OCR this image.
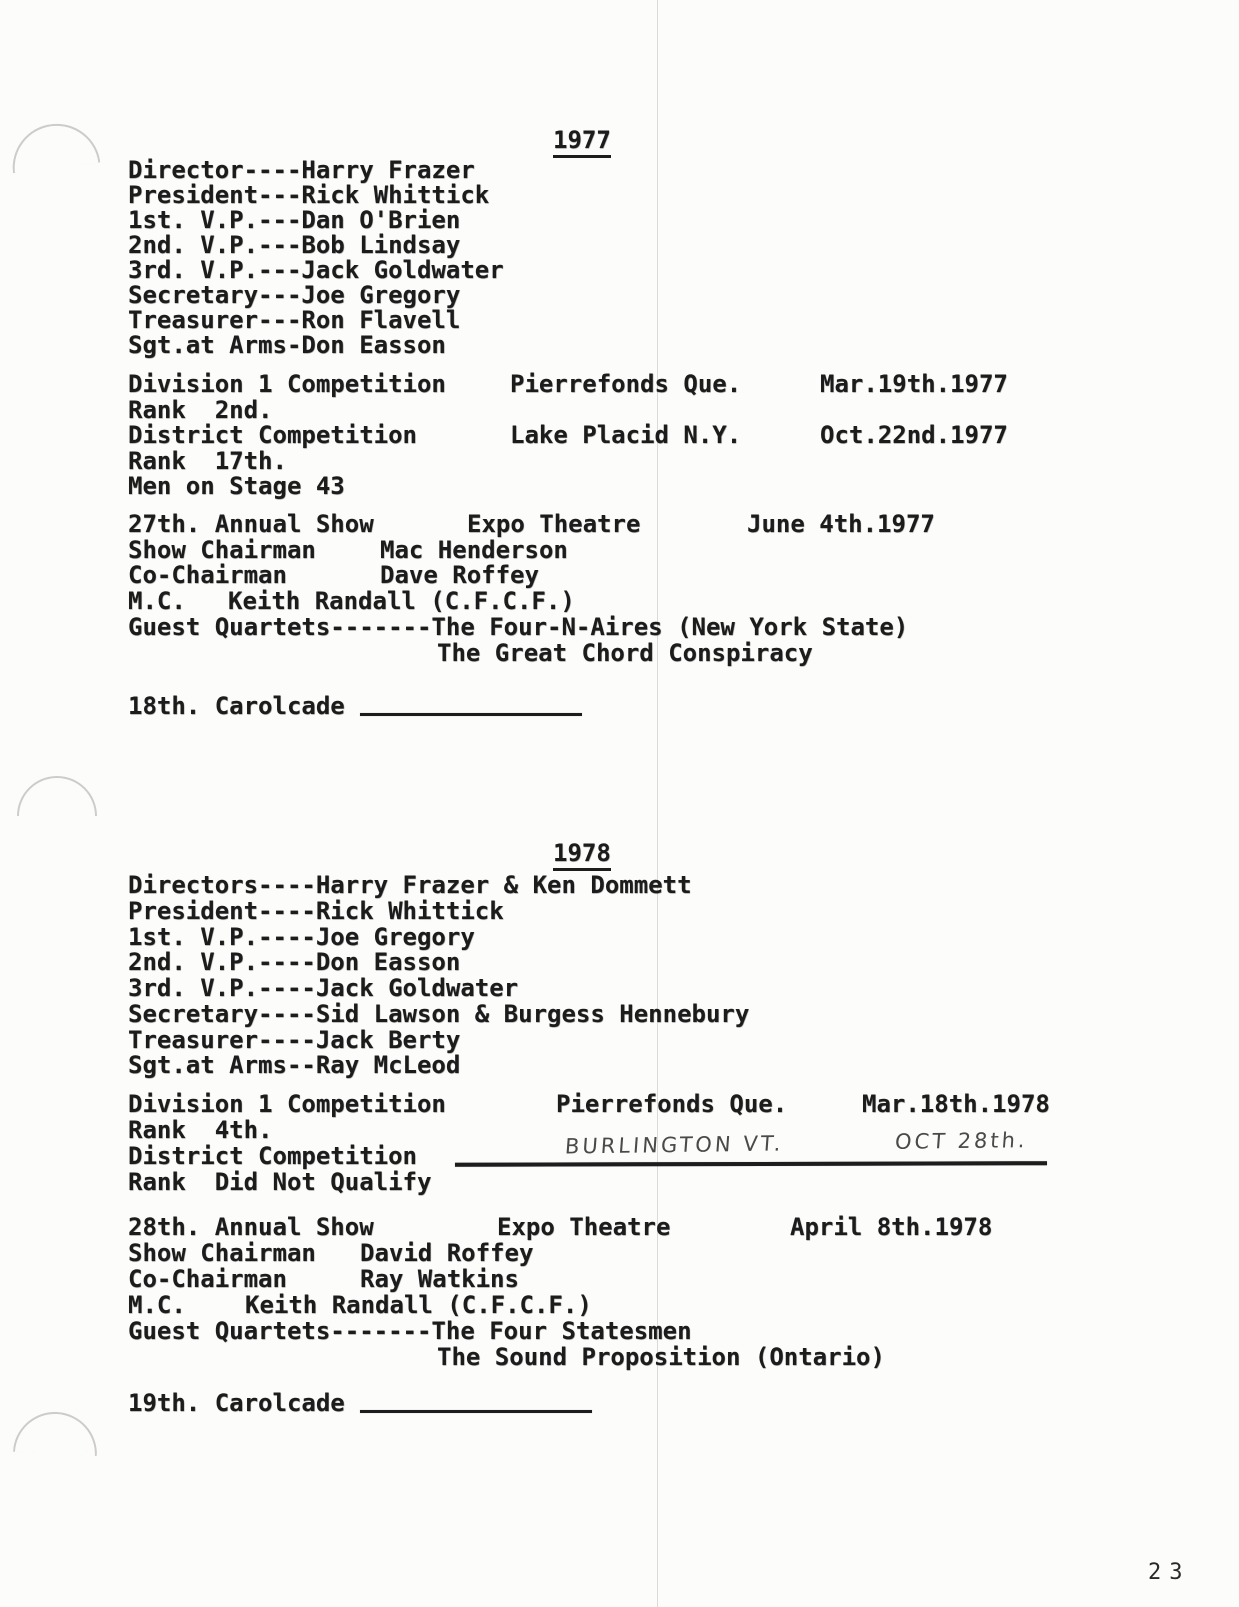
1977
Director----Harry Frazer
President---Rick Whittick
1st. V.P.---Dan O'Brien
2nd. V.P.---Bob Lindsay
3rd. V.P.---Jack Goldwater
Secretary---Joe Gregory
Treasurer---Ron Flavell
Sgt.at Arms-Don Easson
Division 1 Competition	Pierrefonds Que.	Mar.19th.1977
Rank  2nd.
District Competition	Lake Placid N.Y.	Oct.22nd.1977
Rank  17th.
Men on Stage 43
27th. Annual Show	Expo Theatre	June 4th.1977
Show Chairman	Mac Henderson
Co-Chairman	Dave Roffey
M.C. Keith Randall (C.F.C.F.)
Guest Quartets-------The Four-N-Aires (New York State)
The Great Chord Conspiracy
18th. Carolcade
1978
Directors----Harry Frazer & Ken Dommett
President----Rick Whittick
1st. V.P.----Joe Gregory
2nd. V.P.----Don Easson
3rd. V.P.----Jack Goldwater
Secretary----Sid Lawson & Burgess Hennebury
Treasurer----Jack Berty
Sgt.at Arms--Ray McLeod
Division 1 Competition	Pierrefonds Que.	Mar.18th.1978
Rank  4th.
District Competition	BURLINGTON VT.	OCT 28th.
Rank  Did Not Qualify
28th. Annual Show	Expo Theatre	April 8th.1978
Show Chairman David Roffey
Co-Chairman	Ray Watkins
M.C. Keith Randall (C.F.C.F.)
Guest Quartets-------The Four Statesmen
The Sound Proposition (Ontario)
19th. Carolcade
23
